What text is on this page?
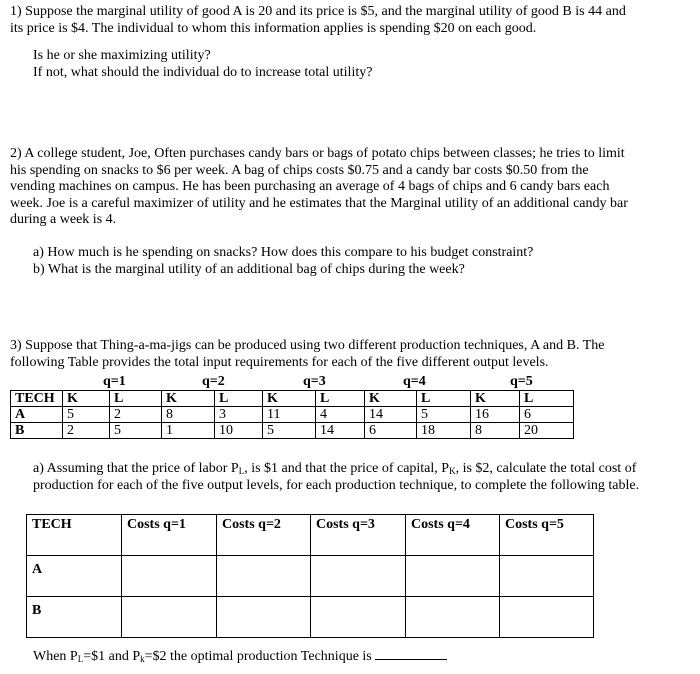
1) Suppose the marginal utility of good A is 20 and its price is $5, and the marginal utility of good B is 44 and

its price is $4. The individual to whom this information applies is spending $20 on each good.

Is he or she maximizing utility?

If not, what should the individual do to increase total utility?

2) A college student, Joe, Often purchases candy bars or bags of potato chips between classes; he tries to limit

his spending on snacks to $6 per week. A bag of chips costs $0.75 and a candy bar costs $0.50 from the

vending machines on campus. He has been purchasing an average of 4 bags of chips and 6 candy bars each

week. Joe is a careful maximizer of utility and he estimates that the Marginal utility of an additional candy bar

during a week is 4.

a) How much is he spending on snacks? How does this compare to his budget constraint?

b) What is the marginal utility of an additional bag of chips during the week?

3) Suppose that Thing-a-ma-jigs can be produced using two different production techniques, A and B. The

following Table provides the total input requirements for each of the five different output levels.

q=1	q=2	q=3	q=4	q=5
TECH	K	L	K	L	K	L	K	L	K	L
A	5	2	8	3	11	4	14	5	16	6
B	2	5	1	10	5	14	6	18	8	20

a) Assuming that the price of labor $P_L$, is $1 and that the price of capital, $P_K$, is $2, calculate the total cost of

production for each of the five output levels, for each production technique, to complete the following table.

TECH	Costs q=1	Costs q=2	Costs q=3	Costs q=4	Costs q=5
A					
B					

When $P_L=\$1$ and $P_k=\$2$ the optimal production Technique is
